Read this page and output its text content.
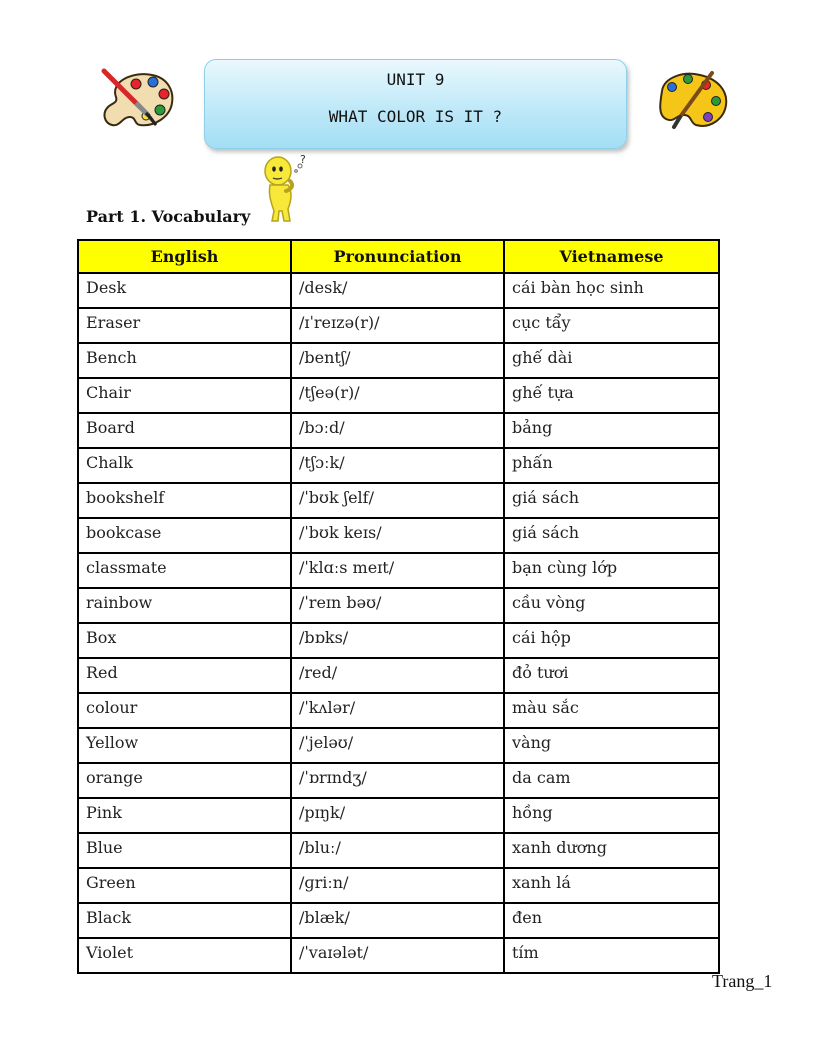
UNIT 9
WHAT COLOR IS IT ?
?
Part 1. Vocabulary
English	Pronunciation	Vietnamese
Desk	/desk/	cái bàn học sinh
Eraser	/ɪˈreɪzə(r)/	cục tẩy
Bench	/bentʃ/	ghế dài
Chair	/tʃeə(r)/	ghế tựa
Board	/bɔːd/	bảng
Chalk	/tʃɔːk/	phấn
bookshelf	/ˈbʊk ʃelf/	giá sách
bookcase	/ˈbʊk keɪs/	giá sách
classmate	/ˈklɑːs meɪt/	bạn cùng lớp
rainbow	/ˈreɪn bəʊ/	cầu vòng
Box	/bɒks/	cái hộp
Red	/red/	đỏ tươi
colour	/ˈkʌlər/	màu sắc
Yellow	/ˈjeləʊ/	vàng
orange	/ˈɒrɪndʒ/	da cam
Pink	/pɪŋk/	hồng
Blue	/bluː/	xanh dương
Green	/ɡriːn/	xanh lá
Black	/blæk/	đen
Violet	/ˈvaɪələt/	tím
Trang_1
